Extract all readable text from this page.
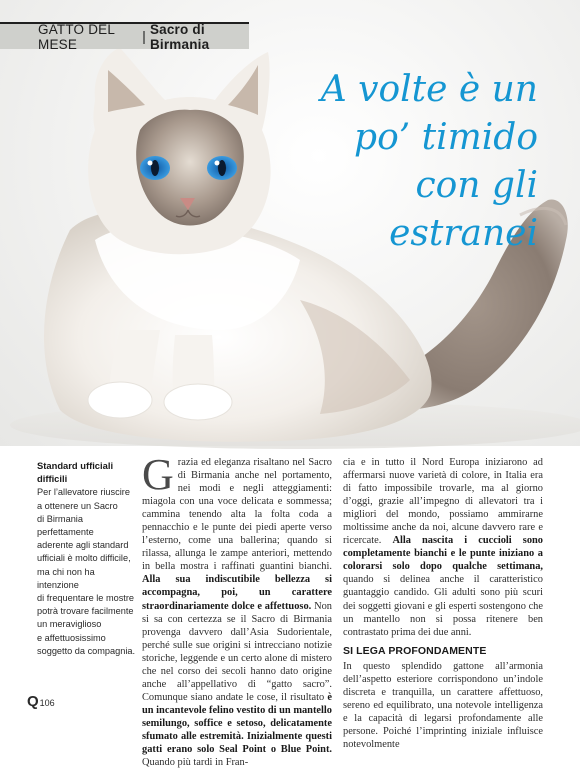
GATTO DEL MESE	| Sacro di Birmania
A volte è un
po’ timido
con gli estranei
Standard ufficiali difficili
Per l’allevatore riuscire
a ottenere un Sacro
di Birmania perfettamente
aderente agli standard
ufficiali è molto difficile,
ma chi non ha intenzione
di frequentare le mostre
potrà trovare facilmente
un meraviglioso
e affettuosissimo
soggetto da compagnia.

Grazia ed eleganza risaltano nel Sacro di Birmania anche nel portamento, nei modi e negli atteggiamenti: miagola con una voce delicata e sommessa; cammina tenendo alta la folta coda a pennacchio e le punte dei piedi aperte verso l’esterno, come una ballerina; quando si rilassa, allunga le zampe anteriori, mettendo in bella mostra i raffinati guantini bianchi. Alla sua indiscutibile bellezza si accompagna, poi, un carattere straordinariamente dolce e affettuoso. Non si sa con certezza se il Sacro di Birmania provenga davvero dall’Asia Sudorientale, perché sulle sue origini si intrecciano notizie storiche, leggende e un certo alone di mistero che nel corso dei secoli hanno dato origine anche all’appellativo di “gatto sacro”. Comunque siano andate le cose, il risultato è un incantevole felino vestito di un mantello semilungo, soffice e setoso, delicatamente sfumato alle estremità. Inizialmente questi gatti erano solo Seal Point o Blue Point. Quando più tardi in Fran-

cia e in tutto il Nord Europa iniziarono ad affermarsi nuove varietà di colore, in Italia era di fatto impossibile trovarle, ma al giorno d’oggi, grazie all’impegno di allevatori tra i migliori del mondo, possiamo ammirarne moltissime anche da noi, alcune davvero rare e ricercate. Alla nascita i cuccioli sono completamente bianchi e le punte iniziano a colorarsi solo dopo qualche settimana, quando si delinea anche il caratteristico guantaggio candido. Gli adulti sono più scuri dei soggetti giovani e gli esperti sostengono che un mantello non si possa ritenere ben contrastato prima dei due anni.

SI LEGA PROFONDAMENTE

In questo splendido gattone all’armonia dell’aspetto esteriore corrispondono un’indole discreta e tranquilla, un carattere affettuoso, sereno ed equilibrato, una notevole intelligenza e la capacità di legarsi profondamente alle persone. Poiché l’imprinting iniziale influisce notevolmente

Q 106
